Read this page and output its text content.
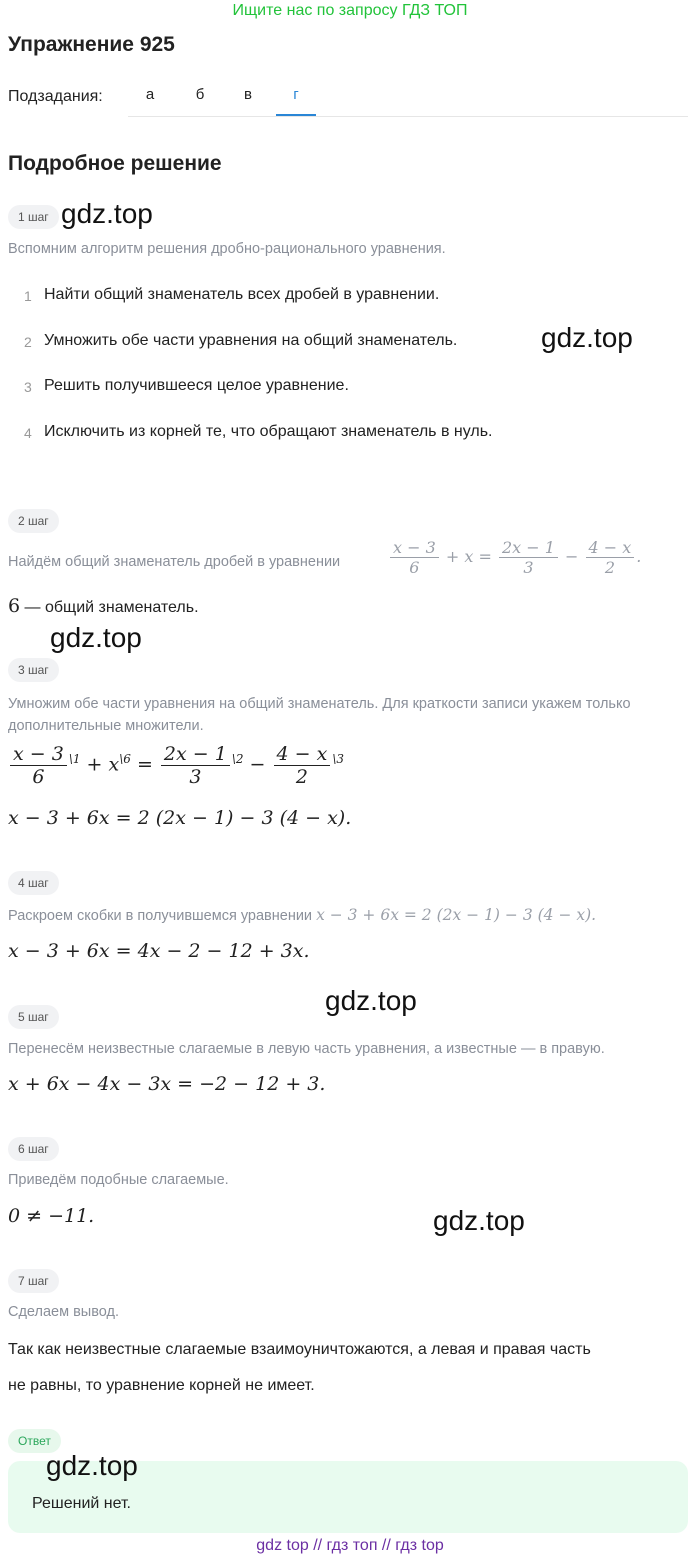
Ищите нас по запросу ГДЗ ТОП
Упражнение 925
Подзадания:	а	б	в	г
Подробное решение
1 шаг gdz.top
Вспомним алгоритм решения дробно-рационального уравнения.
1 Найти общий знаменатель всех дробей в уравнении.
2 Умножить обе части уравнения на общий знаменатель.	gdz.top
3 Решить получившееся целое уравнение.
4 Исключить из корней те, что обращают знаменатель в нуль.
2 шаг
Найдём общий знаменатель дробей в уравнении	$\frac{x - 3}{6} + x = \frac{2x - 1}{3} - \frac{4 - x}{2}$ .
6 — общий знаменатель.
gdz.top
3 шаг
Умножим обе части уравнения на общий знаменатель. Для краткости записи укажем только дополнительные множители.
$\frac{x - 3}{6} ^{\backslash 1} + x^{\backslash 6} = \frac{2x - 1}{3} ^{\backslash 2} - \frac{4 - x}{2} ^{\backslash 3}$
x − 3 + 6x = 2 (2x − 1) − 3 (4 − x).
4 шаг
Раскроем скобки в получившемся уравнении x − 3 + 6x = 2 (2x − 1) − 3 (4 − x).
x − 3 + 6x = 4x − 2 − 12 + 3x.
gdz.top
5 шаг
Перенесём неизвестные слагаемые в левую часть уравнения, а известные — в правую.
x + 6x − 4x − 3x = −2 − 12 + 3.
6 шаг
Приведём подобные слагаемые.
0 ≠ −11.	gdz.top
7 шаг
Сделаем вывод.
Так как неизвестные слагаемые взаимоуничтожаются, а левая и правая часть
не равны, то уравнение корней не имеет.
Ответ
gdz.top
Решений нет.
gdz top // гдз топ // гдз top
